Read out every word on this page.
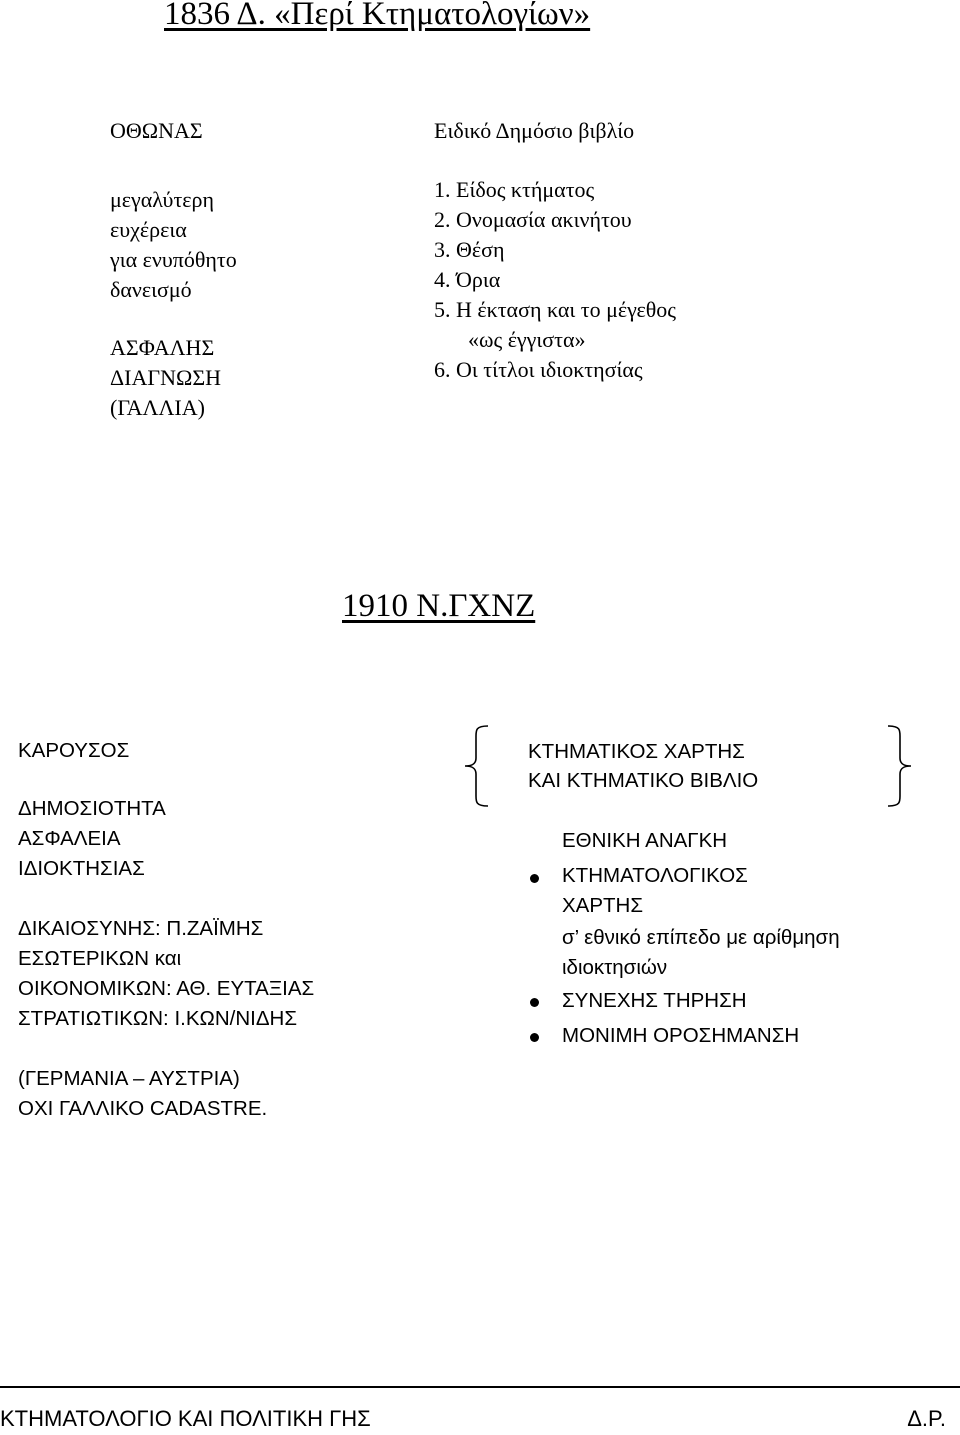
1836 Δ. «Περί Κτηματολογίων»
ΟΘΩΝΑΣ
μεγαλύτερη
ευχέρεια
για ενυπόθητο
δανεισμό
ΑΣΦΑΛΗΣ
ΔΙΑΓΝΩΣΗ
(ΓΑΛΛΙΑ)
Ειδικό Δημόσιο βιβλίο
1. Είδος κτήματος
2. Ονομασία ακινήτου
3. Θέση
4. Όρια
5. Η έκταση και το μέγεθος
«ως έγγιστα»
6. Οι τίτλοι ιδιοκτησίας
1910 Ν.ΓΧΝΖ
ΚΑΡΟΥΣΟΣ
ΔΗΜΟΣΙΟΤΗΤΑ
ΑΣΦΑΛΕΙΑ
ΙΔΙΟΚΤΗΣΙΑΣ
ΔΙΚΑΙΟΣΥΝΗΣ: Π.ΖΑΪΜΗΣ
ΕΣΩΤΕΡΙΚΩΝ και
ΟΙΚΟΝΟΜΙΚΩΝ: ΑΘ. ΕΥΤΑΞΙΑΣ
ΣΤΡΑΤΙΩΤΙΚΩΝ: Ι.ΚΩΝ/ΝΙΔΗΣ
(ΓΕΡΜΑΝΙΑ – ΑΥΣΤΡΙΑ)
ΟΧΙ ΓΑΛΛΙΚΟ CADASTRE.
ΚΤΗΜΑΤΙΚΟΣ ΧΑΡΤΗΣ
ΚΑΙ ΚΤΗΜΑΤΙΚΟ ΒΙΒΛΙΟ
ΕΘΝΙΚΗ ΑΝΑΓΚΗ
ΚΤΗΜΑΤΟΛΟΓΙΚΟΣ
ΧΑΡΤΗΣ
σ’ εθνικό επίπεδο με αρίθμηση
ιδιοκτησιών
ΣΥΝΕΧΗΣ ΤΗΡΗΣΗ
ΜΟΝΙΜΗ ΟΡΟΣΗΜΑΝΣΗ
ΚΤΗΜΑΤΟΛΟΓΙΟ ΚΑΙ ΠΟΛΙΤΙΚΗ ΓΗΣ	Δ.Ρ.
